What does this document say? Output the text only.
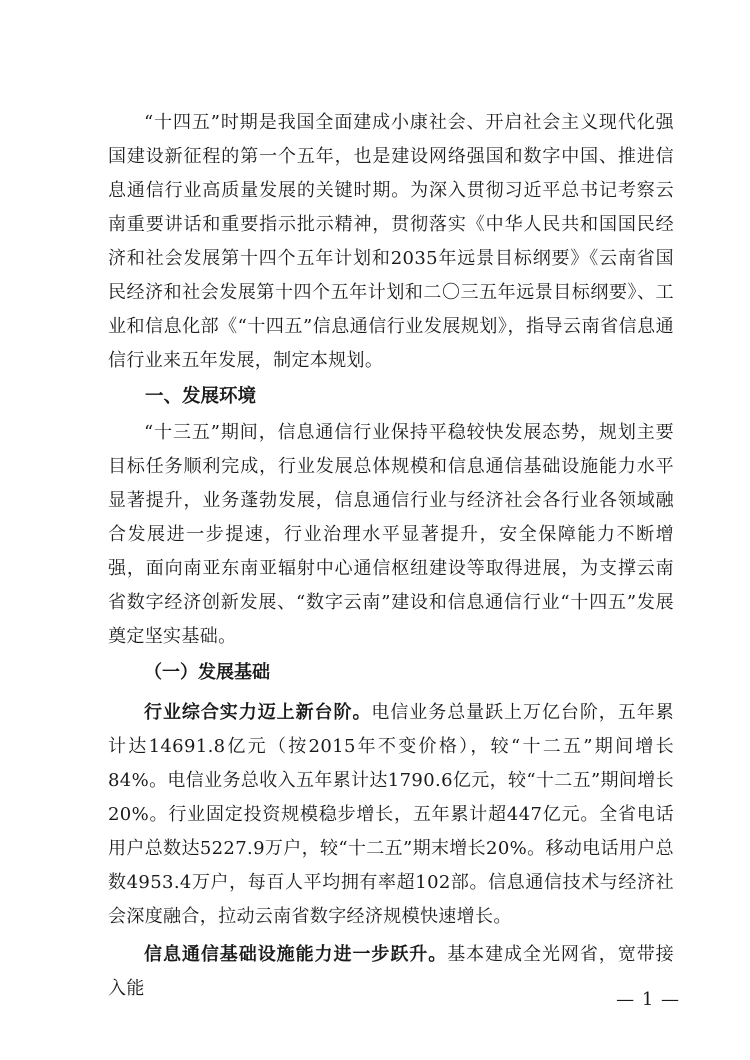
“十四五”时期是我国全面建成小康社会、开启社会主义现代化强国建设新征程的第一个五年，也是建设网络强国和数字中国、推进信息通信行业高质量发展的关键时期。为深入贯彻习近平总书记考察云南重要讲话和重要指示批示精神，贯彻落实《中华人民共和国国民经济和社会发展第十四个五年计划和2035年远景目标纲要》《云南省国民经济和社会发展第十四个五年计划和二〇三五年远景目标纲要》、工业和信息化部《“十四五”信息通信行业发展规划》，指导云南省信息通信行业来五年发展，制定本规划。

一、发展环境

“十三五”期间，信息通信行业保持平稳较快发展态势，规划主要目标任务顺利完成，行业发展总体规模和信息通信基础设施能力水平显著提升，业务蓬勃发展，信息通信行业与经济社会各行业各领域融合发展进一步提速，行业治理水平显著提升，安全保障能力不断增强，面向南亚东南亚辐射中心通信枢纽建设等取得进展，为支撑云南省数字经济创新发展、“数字云南”建设和信息通信行业“十四五”发展奠定坚实基础。

（一）发展基础

行业综合实力迈上新台阶。电信业务总量跃上万亿台阶，五年累计达14691.8亿元（按2015年不变价格），较“十二五”期间增长84%。电信业务总收入五年累计达1790.6亿元，较“十二五”期间增长20%。行业固定投资规模稳步增长，五年累计超447亿元。全省电话用户总数达5227.9万户，较“十二五”期末增长20%。移动电话用户总数4953.4万户，每百人平均拥有率超102部。信息通信技术与经济社会深度融合，拉动云南省数字经济规模快速增长。

信息通信基础设施能力进一步跃升。基本建成全光网省，宽带接入能

— 1 —
